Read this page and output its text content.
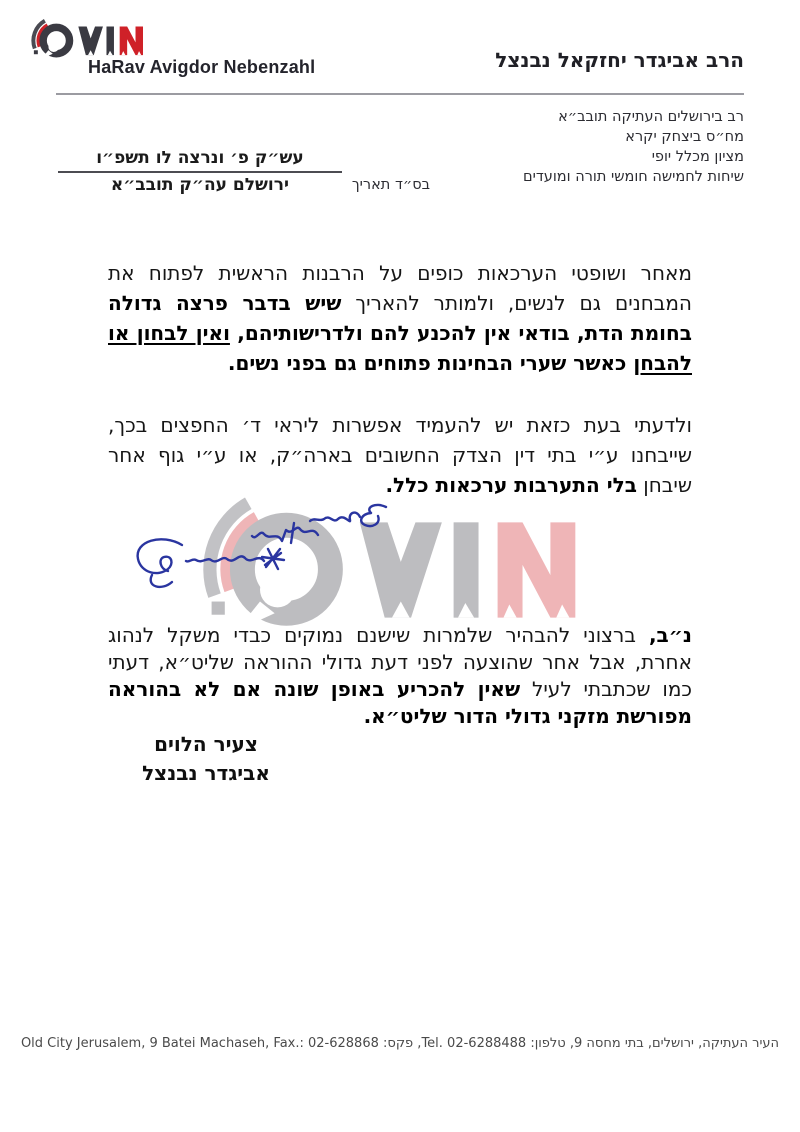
HaRav Avigdor Nebenzahl	הרב אביגדר יחזקאל נבנצל
רב בירושלים העתיקה תובב״א
מח״ס ביצחק יקרא
מציון מכלל יופי
שיחות לחמישה חומשי תורה ומועדים
בס״ד תאריך
עש״ק פ׳ ונרצה לו תשפ״ו
ירושלם עה״ק תובב״א
מאחר ושופטי הערכאות כופים על הרבנות הראשית לפתוח את
המבחנים גם לנשים, ולמותר להאריך שיש בדבר פרצה גדולה
בחומת הדת, בודאי אין להכנע להם ולדרישותיהם, ואין לבחון או
להבחן כאשר שערי הבחינות פתוחים גם בפני נשים.
ולדעתי בעת כזאת יש להעמיד אפשרות ליראי ד׳ החפצים בכך,
שייבחנו ע״י בתי דין הצדק החשובים בארה״ק, או ע״י גוף אחר
שיבחן בלי התערבות ערכאות כלל.
נ״ב, ברצוני להבהיר שלמרות שישנם נמוקים כבדי משקל לנהוג
אחרת, אבל אחר שהוצעה לפני דעת גדולי ההוראה שליט״א, דעתי
כמו שכתבתי לעיל שאין להכריע באופן שונה אם לא בהוראה
מפורשת מזקני גדולי הדור שליט״א.
צעיר הלוים
אביגדר נבנצל
Old City Jerusalem, 9 Batei Machaseh, Fax.: 02-628868 העיר העתיקה, ירושלים, בתי מחסה 9, טלפון: Tel. 02-6288488, פקס:
